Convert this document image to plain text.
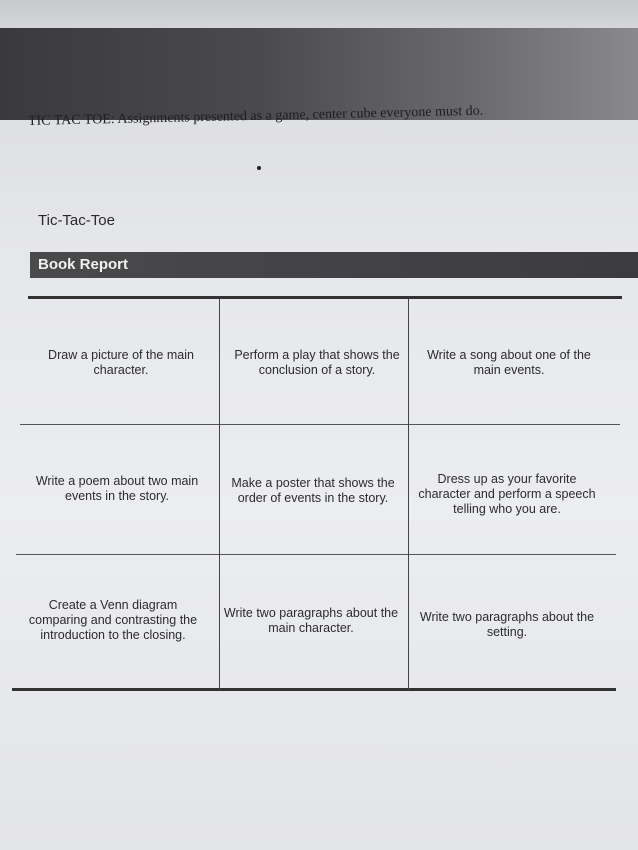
TIC TAC TOE: Assignments presented as a game, center cube everyone must do.
Tic-Tac-Toe
Book Report
Draw a picture of the main character.
Perform a play that shows the conclusion of a story.
Write a song about one of the main events.
Write a poem about two main events in the story.
Make a poster that shows the order of events in the story.
Dress up as your favorite character and perform a speech telling who you are.
Create a Venn diagram comparing and contrasting the introduction to the closing.
Write two paragraphs about the main character.
Write two paragraphs about the setting.
